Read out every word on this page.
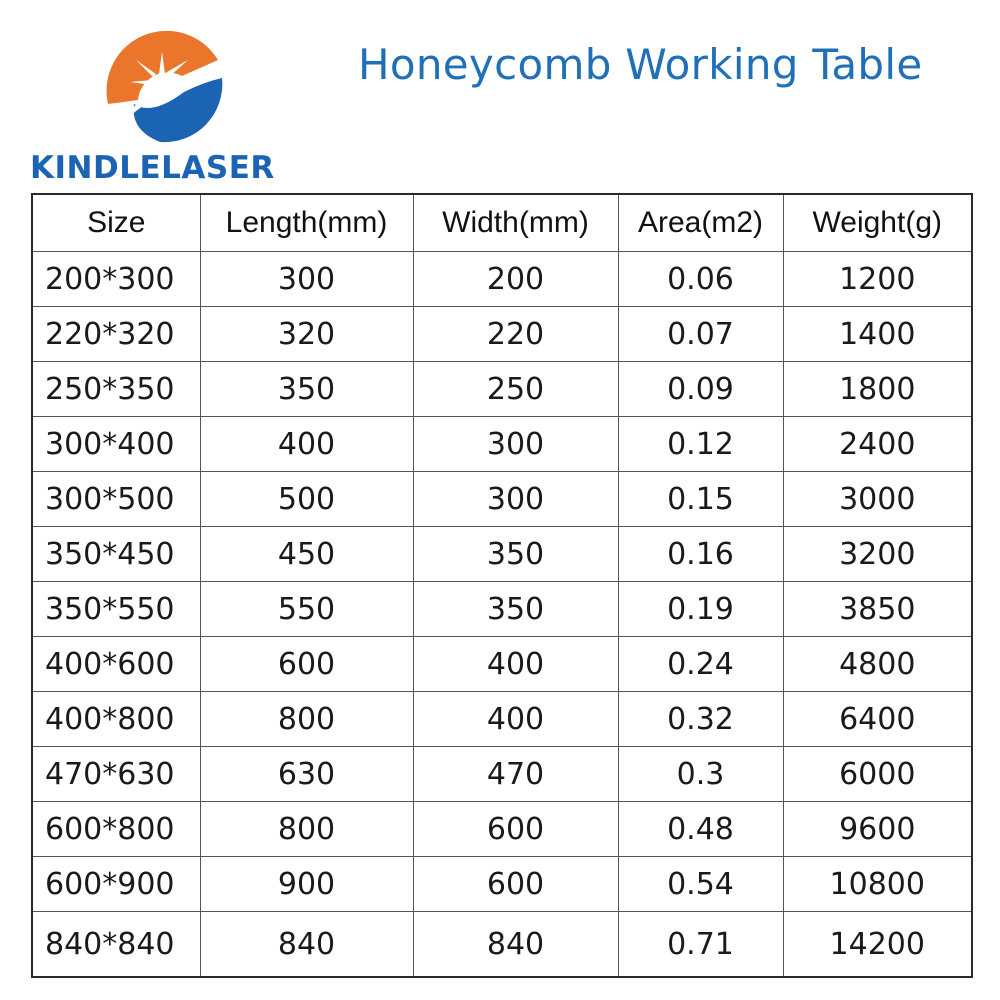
KINDLELASER
Honeycomb Working Table
Size	Length(mm)	Width(mm)	Area(m2)	Weight(g)
200*300	300	200	0.06	1200
220*320	320	220	0.07	1400
250*350	350	250	0.09	1800
300*400	400	300	0.12	2400
300*500	500	300	0.15	3000
350*450	450	350	0.16	3200
350*550	550	350	0.19	3850
400*600	600	400	0.24	4800
400*800	800	400	0.32	6400
470*630	630	470	0.3	6000
600*800	800	600	0.48	9600
600*900	900	600	0.54	10800
840*840	840	840	0.71	14200
